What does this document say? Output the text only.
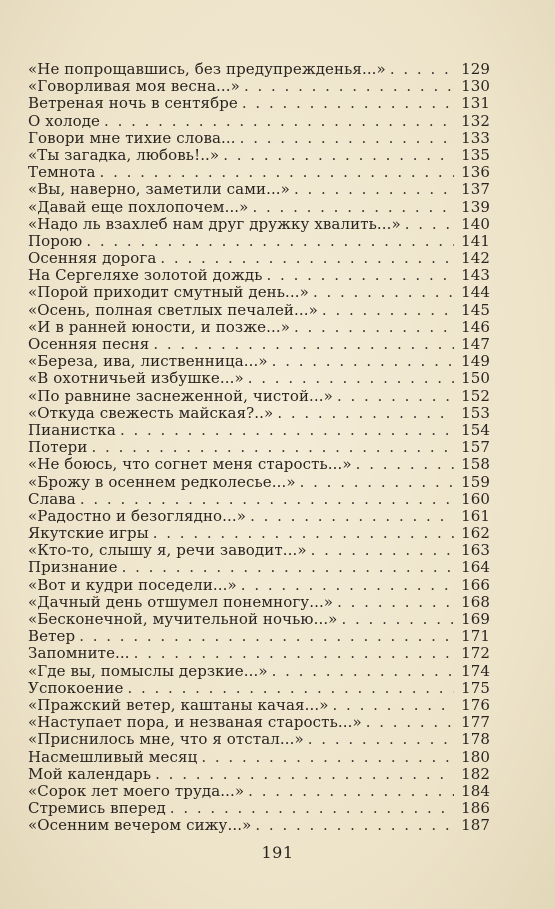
«Не попрощавшись, без предупрежденья...» . . .	129
«Говорливая моя весна...» . . .	130
Ветреная ночь в сентябре . . .	131
О холоде . . .	132
Говори мне тихие слова... . . .	133
«Ты загадка, любовь!..» . . .	135
Темнота . . .	136
«Вы, наверно, заметили сами...» . . .	137
«Давай еще похлопочем...» . . .	139
«Надо ль взахлеб нам друг дружку хвалить...» . . .	140
Порою . . .	141
Осенняя дорога . . .	142
На Сергеляхе золотой дождь . . .	143
«Порой приходит смутный день...» . . .	144
«Осень, полная светлых печалей...» . . .	145
«И в ранней юности, и позже...» . . .	146
Осенняя песня . . .	147
«Береза, ива, лиственница...» . . .	149
«В охотничьей избушке...» . . .	150
«По равнине заснеженной, чистой...» . . .	152
«Откуда свежесть майская?..» . . .	153
Пианистка . . .	154
Потери . . .	157
«Не боюсь, что согнет меня старость...» . . .	158
«Брожу в осеннем редколесье...» . . .	159
Слава . . .	160
«Радостно и безоглядно...» . . .	161
Якутские игры . . .	162
«Кто-то, слышу я, речи заводит...» . . .	163
Признание . . .	164
«Вот и кудри поседели...» . . .	166
«Дачный день отшумел понемногу...» . . .	168
«Бесконечной, мучительной ночью...» . . .	169
Ветер . . .	171
Запомните... . . .	172
«Где вы, помыслы дерзкие...» . . .	174
Успокоение . . .	175
«Пражский ветер, каштаны качая...» . . .	176
«Наступает пора, и незваная старость...» . . .	177
«Приснилось мне, что я отстал...» . . .	178
Насмешливый месяц . . .	180
Мой календарь . . .	182
«Сорок лет моего труда...» . . .	184
Стремись вперед . . .	186
«Осенним вечером сижу...» . . .	187
191
